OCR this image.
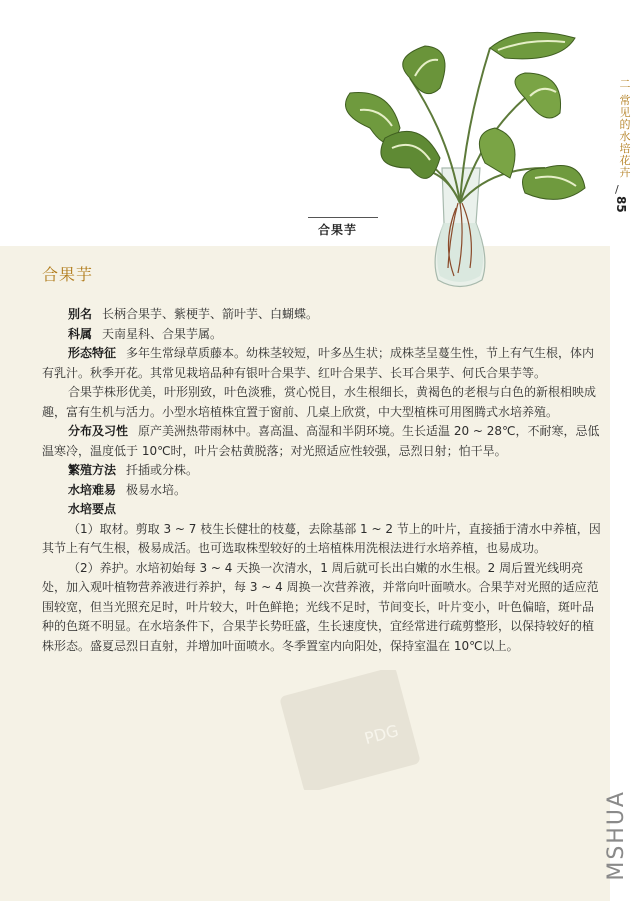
合果芋
合果芋

别名 长柄合果芋、紫梗芋、箭叶芋、白蝴蝶。

科属 天南星科、合果芋属。

形态特征 多年生常绿草质藤本。幼株茎较短，叶多丛生状；成株茎呈蔓生性，节上有气生根，体内有乳汁。秋季开花。其常见栽培品种有银叶合果芋、红叶合果芋、长耳合果芋、何氏合果芋等。

合果芋株形优美，叶形别致，叶色淡雅，赏心悦目，水生根细长，黄褐色的老根与白色的新根相映成趣，富有生机与活力。小型水培植株宜置于窗前、几桌上欣赏，中大型植株可用图腾式水培养殖。

分布及习性 原产美洲热带雨林中。喜高温、高湿和半阴环境。生长适温 20 ~ 28℃，不耐寒，忌低温寒冷，温度低于 10℃时，叶片会枯黄脱落；对光照适应性较强，忌烈日射；怕干旱。

繁殖方法 扦插或分株。

水培难易 极易水培。

水培要点

（1）取材。剪取 3 ~ 7 枝生长健壮的枝蔓，去除基部 1 ~ 2 节上的叶片，直接插于清水中养植，因其节上有气生根，极易成活。也可选取株型较好的土培植株用洗根法进行水培养植，也易成功。

（2）养护。水培初始每 3 ~ 4 天换一次清水，1 周后就可长出白嫩的水生根。2 周后置光线明亮处，加入观叶植物营养液进行养护，每 3 ~ 4 周换一次营养液，并常向叶面喷水。合果芋对光照的适应范围较宽，但当光照充足时，叶片较大，叶色鲜艳；光线不足时，节间变长，叶片变小，叶色偏暗，斑叶品种的色斑不明显。在水培条件下，合果芋长势旺盛，生长速度快，宜经常进行疏剪整形，以保持较好的植株形态。盛夏忌烈日直射，并增加叶面喷水。冬季置室内向阳处，保持室温在 10℃以上。

二 常见的水培花卉
/
85
PDG
MSHUA
